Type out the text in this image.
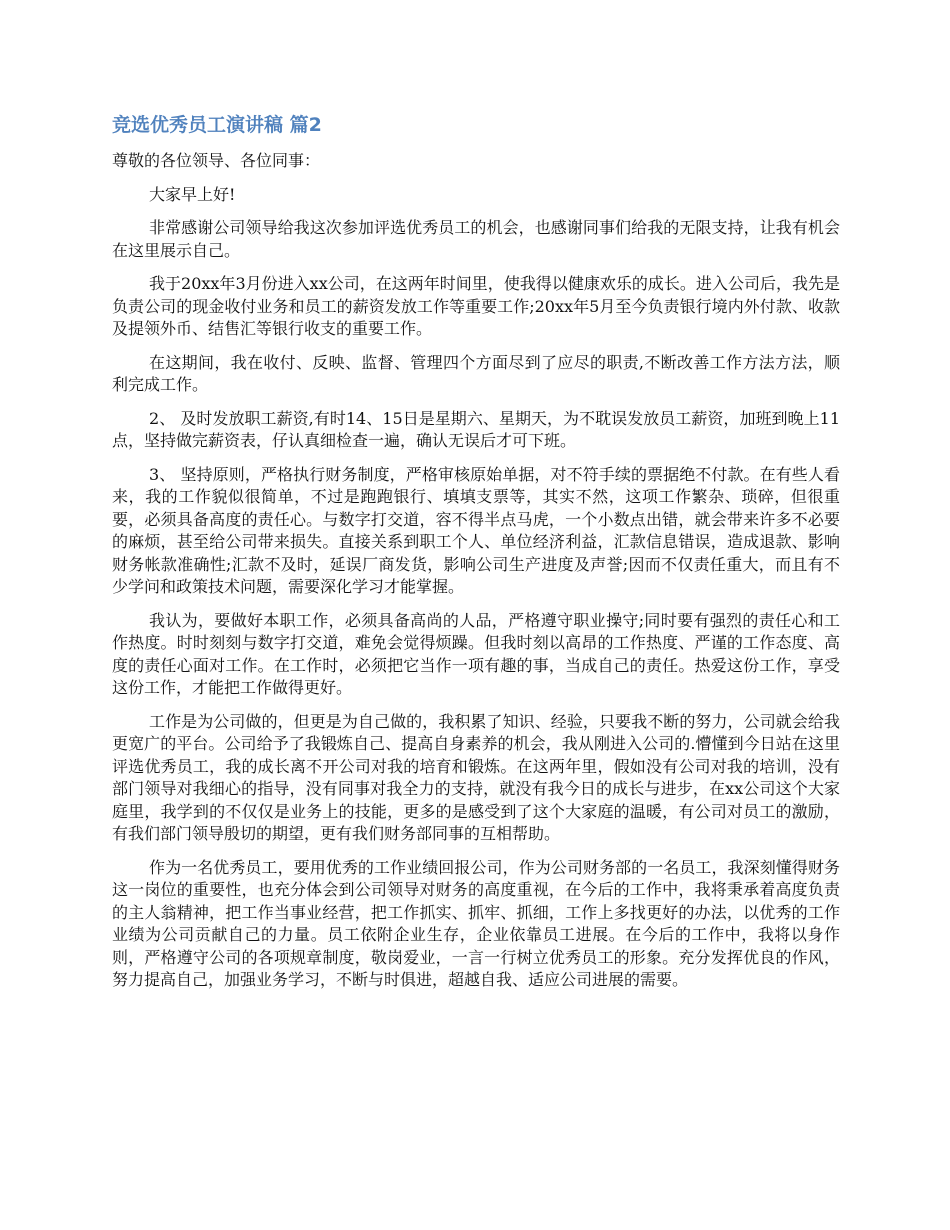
竞选优秀员工演讲稿 篇2

尊敬的各位领导、各位同事：

大家早上好!

非常感谢公司领导给我这次参加评选优秀员工的机会，也感谢同事们给我的无限支持，让我有机会在这里展示自己。

我于20xx年3月份进入xx公司，在这两年时间里，使我得以健康欢乐的成长。进入公司后，我先是负责公司的现金收付业务和员工的薪资发放工作等重要工作;20xx年5月至今负责银行境内外付款、收款及提领外币、结售汇等银行收支的重要工作。

在这期间，我在收付、反映、监督、管理四个方面尽到了应尽的职责,不断改善工作方法方法，顺利完成工作。

2、 及时发放职工薪资,有时14、15日是星期六、星期天，为不耽误发放员工薪资，加班到晚上11点，坚持做完薪资表，仔认真细检查一遍，确认无误后才可下班。

3、 坚持原则，严格执行财务制度，严格审核原始单据，对不符手续的票据绝不付款。在有些人看来，我的工作貌似很简单，不过是跑跑银行、填填支票等，其实不然，这项工作繁杂、琐碎，但很重要，必须具备高度的责任心。与数字打交道，容不得半点马虎，一个小数点出错，就会带来许多不必要的麻烦，甚至给公司带来损失。直接关系到职工个人、单位经济利益，汇款信息错误，造成退款、影响财务帐款准确性;汇款不及时，延误厂商发货，影响公司生产进度及声誉;因而不仅责任重大，而且有不少学问和政策技术问题，需要深化学习才能掌握。

我认为，要做好本职工作，必须具备高尚的人品，严格遵守职业操守;同时要有强烈的责任心和工作热度。时时刻刻与数字打交道，难免会觉得烦躁。但我时刻以高昂的工作热度、严谨的工作态度、高度的责任心面对工作。在工作时，必须把它当作一项有趣的事，当成自己的责任。热爱这份工作，享受这份工作，才能把工作做得更好。

工作是为公司做的，但更是为自己做的，我积累了知识、经验，只要我不断的努力，公司就会给我更宽广的平台。公司给予了我锻炼自己、提高自身素养的机会，我从刚进入公司的.懵懂到今日站在这里评选优秀员工，我的成长离不开公司对我的培育和锻炼。在这两年里，假如没有公司对我的培训，没有部门领导对我细心的指导，没有同事对我全力的支持，就没有我今日的成长与进步，在xx公司这个大家庭里，我学到的不仅仅是业务上的技能，更多的是感受到了这个大家庭的温暖，有公司对员工的激励，有我们部门领导殷切的期望，更有我们财务部同事的互相帮助。

作为一名优秀员工，要用优秀的工作业绩回报公司，作为公司财务部的一名员工，我深刻懂得财务这一岗位的重要性，也充分体会到公司领导对财务的高度重视，在今后的工作中，我将秉承着高度负责的主人翁精神，把工作当事业经营，把工作抓实、抓牢、抓细，工作上多找更好的办法，以优秀的工作业绩为公司贡献自己的力量。员工依附企业生存，企业依靠员工进展。在今后的工作中，我将以身作则，严格遵守公司的各项规章制度，敬岗爱业，一言一行树立优秀员工的形象。充分发挥优良的作风，努力提高自己，加强业务学习，不断与时俱进，超越自我、适应公司进展的需要。
